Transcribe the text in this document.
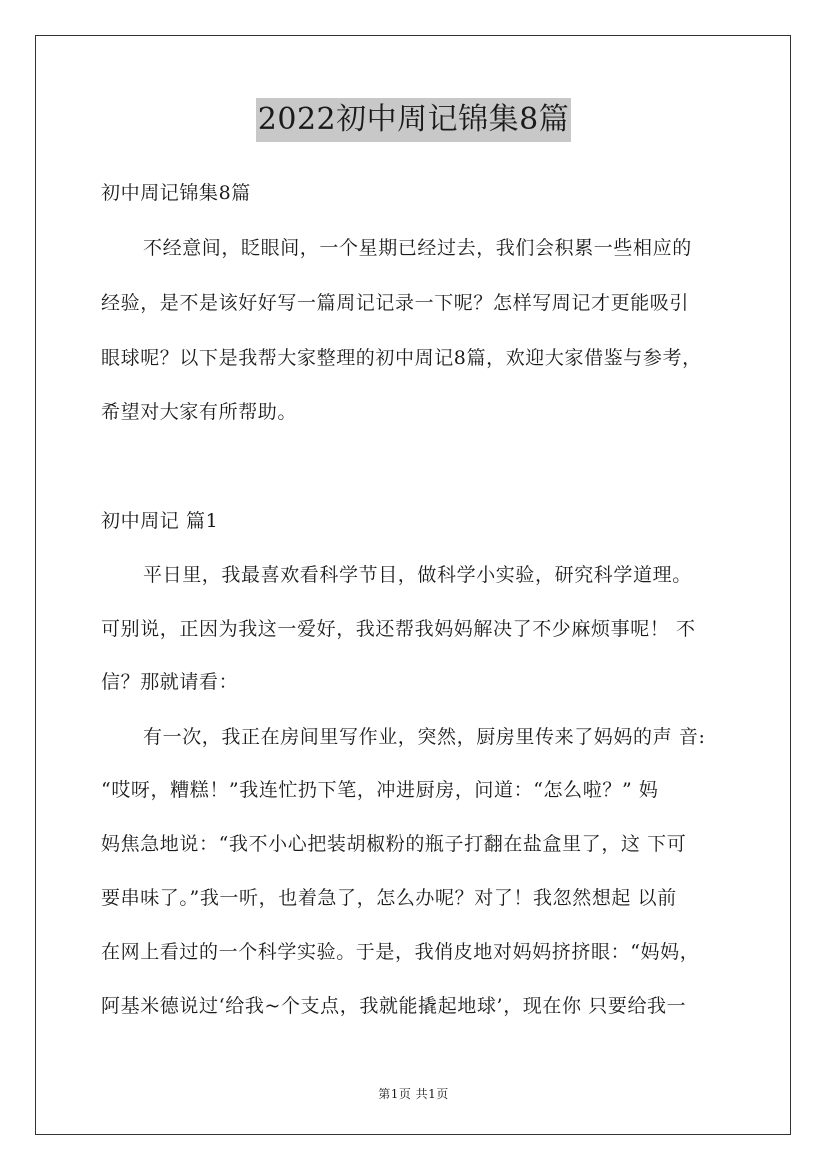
2022初中周记锦集8篇
初中周记锦集8篇
不经意间，眨眼间，一个星期已经过去，我们会积累一些相应的
经验，是不是该好好写一篇周记记录一下呢？怎样写周记才更能吸引
眼球呢？以下是我帮大家整理的初中周记8篇，欢迎大家借鉴与参考，
希望对大家有所帮助。
初中周记 篇1
平日里，我最喜欢看科学节目，做科学小实验，研究科学道理。
可别说，正因为我这一爱好，我还帮我妈妈解决了不少麻烦事呢！ 不
信？那就请看：
有一次，我正在房间里写作业，突然，厨房里传来了妈妈的声 音:
“哎呀，糟糕！”我连忙扔下笔，冲进厨房，问道：“怎么啦？” 妈
妈焦急地说：“我不小心把装胡椒粉的瓶子打翻在盐盒里了，这 下可
要串味了。”我一听，也着急了，怎么办呢？对了！我忽然想起 以前
在网上看过的一个科学实验。于是，我俏皮地对妈妈挤挤眼：“妈妈，
阿基米德说过‘给我~个支点，我就能撬起地球’，现在你 只要给我一
第1页 共1页
